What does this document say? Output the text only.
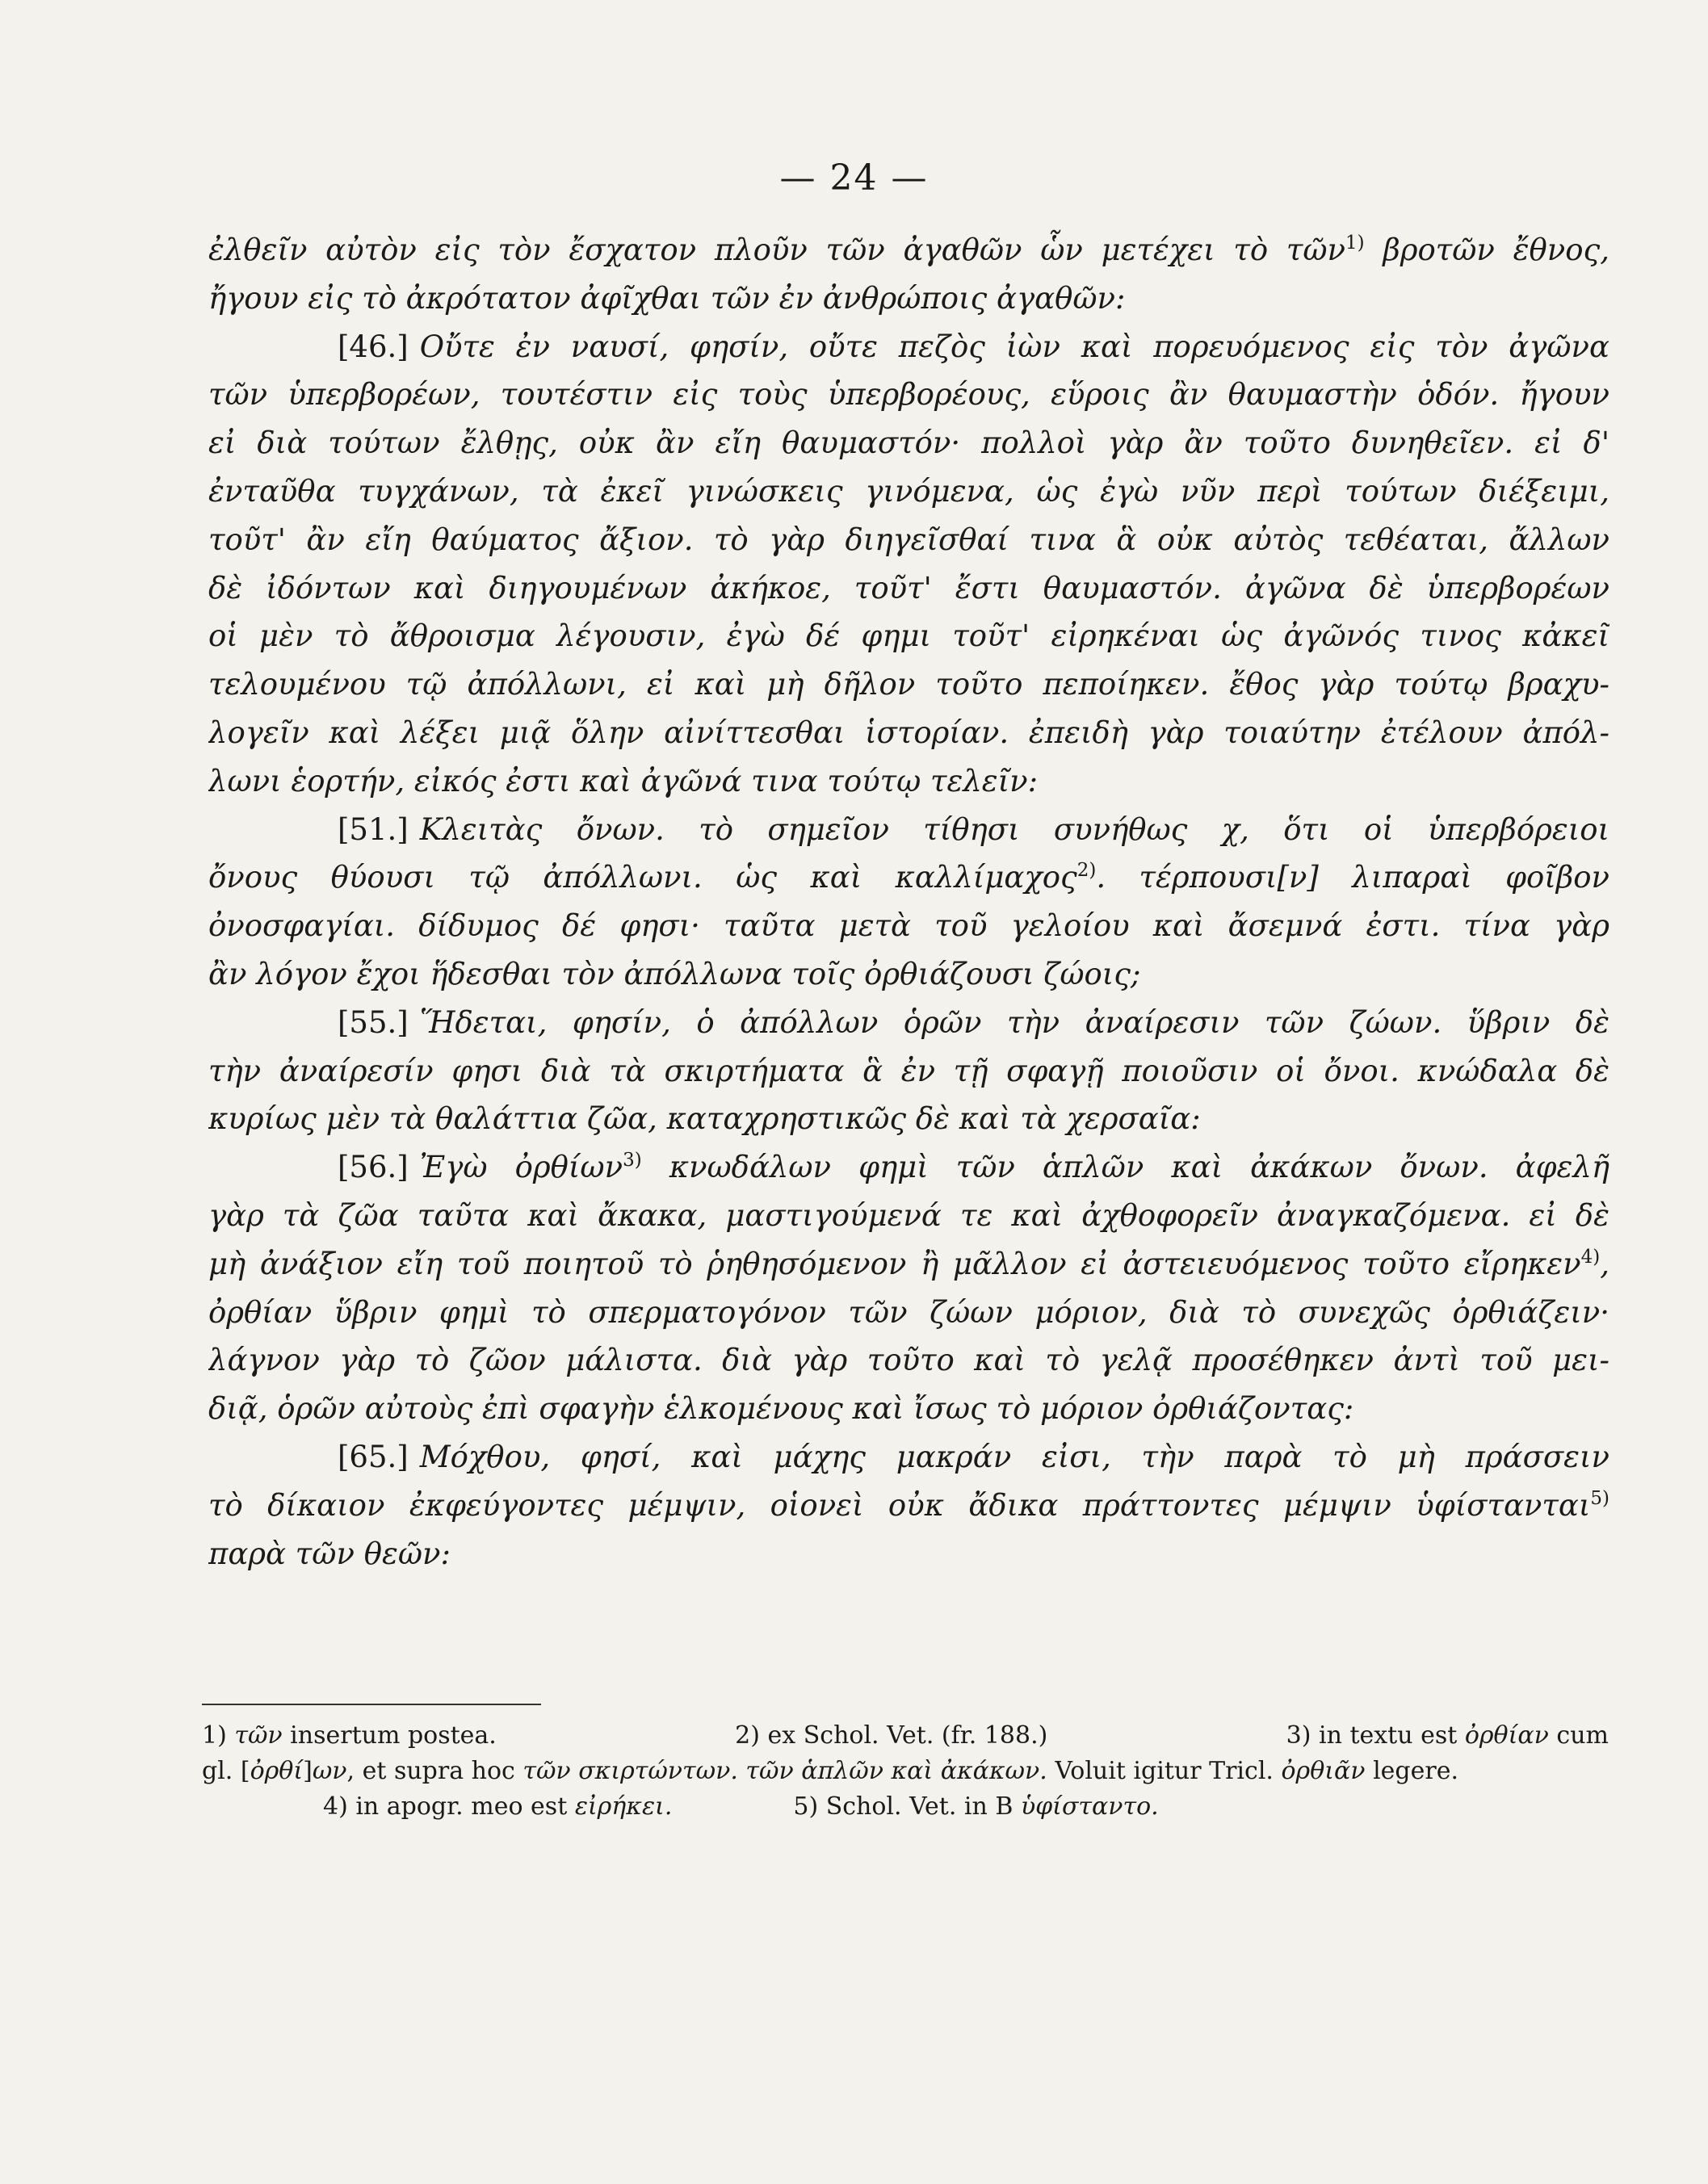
— 24 —
ἐλθεῖν αὐτὸν εἰς τὸν ἔσχατον πλοῦν τῶν ἀγαθῶν ὧν μετέχει τὸ τῶν$^{1)}$ βροτῶν ἔθνος,
ἤγουν εἰς τὸ ἀκρότατον ἀφῖχθαι τῶν ἐν ἀνθρώποις ἀγαθῶν:
[46.] Οὔτε ἐν ναυσί, φησίν, οὔτε πεζὸς ἰὼν καὶ πορευόμενος εἰς τὸν ἀγῶνα
τῶν ὑπερβορέων, τουτέστιν εἰς τοὺς ὑπερβορέους, εὕροις ἂν θαυμαστὴν ὁδόν. ἤγουν
εἰ διὰ τούτων ἔλθῃς, οὐκ ἂν εἴη θαυμαστόν· πολλοὶ γὰρ ἂν τοῦτο δυνηθεῖεν. εἰ δ'
ἐνταῦθα τυγχάνων, τὰ ἐκεῖ γινώσκεις γινόμενα, ὡς ἐγὼ νῦν περὶ τούτων διέξειμι,
τοῦτ' ἂν εἴη θαύματος ἄξιον. τὸ γὰρ διηγεῖσθαί τινα ἃ οὐκ αὐτὸς τεθέαται, ἄλλων
δὲ ἰδόντων καὶ διηγουμένων ἀκήκοε, τοῦτ' ἔστι θαυμαστόν. ἀγῶνα δὲ ὑπερβορέων
οἱ μὲν τὸ ἄθροισμα λέγουσιν, ἐγὼ δέ φημι τοῦτ' εἰρηκέναι ὡς ἀγῶνός τινος κἀκεῖ
τελουμένου τῷ ἀπόλλωνι, εἰ καὶ μὴ δῆλον τοῦτο πεποίηκεν. ἔθος γὰρ τούτῳ βραχυ-
λογεῖν καὶ λέξει μιᾷ ὅλην αἰνίττεσθαι ἱστορίαν. ἐπειδὴ γὰρ τοιαύτην ἐτέλουν ἀπόλ-
λωνι ἑορτήν, εἰκός ἐστι καὶ ἀγῶνά τινα τούτῳ τελεῖν:
[51.] Κλειτὰς ὄνων. τὸ σημεῖον τίθησι συνήθως χ, ὅτι οἱ ὑπερβόρειοι
ὄνους θύουσι τῷ ἀπόλλωνι. ὡς καὶ καλλίμαχος$^{2)}$. τέρπουσι[ν] λιπαραὶ φοῖβον
ὀνοσφαγίαι. δίδυμος δέ φησι· ταῦτα μετὰ τοῦ γελοίου καὶ ἄσεμνά ἐστι. τίνα γὰρ
ἂν λόγον ἔχοι ἥδεσθαι τὸν ἀπόλλωνα τοῖς ὀρθιάζουσι ζώοις;
[55.] Ἥδεται, φησίν, ὁ ἀπόλλων ὁρῶν τὴν ἀναίρεσιν τῶν ζώων. ὕβριν δὲ
τὴν ἀναίρεσίν φησι διὰ τὰ σκιρτήματα ἃ ἐν τῇ σφαγῇ ποιοῦσιν οἱ ὄνοι. κνώδαλα δὲ
κυρίως μὲν τὰ θαλάττια ζῶα, καταχρηστικῶς δὲ καὶ τὰ χερσαῖα:
[56.] Ἐγὼ ὀρθίων$^{3)}$ κνωδάλων φημὶ τῶν ἁπλῶν καὶ ἀκάκων ὄνων. ἀφελῆ
γὰρ τὰ ζῶα ταῦτα καὶ ἄκακα, μαστιγούμενά τε καὶ ἀχθοφορεῖν ἀναγκαζόμενα. εἰ δὲ
μὴ ἀνάξιον εἴη τοῦ ποιητοῦ τὸ ῥηθησόμενον ἢ μᾶλλον εἰ ἀστειευόμενος τοῦτο εἴρηκεν$^{4)}$,
ὀρθίαν ὕβριν φημὶ τὸ σπερματογόνον τῶν ζώων μόριον, διὰ τὸ συνεχῶς ὀρθιάζειν·
λάγνον γὰρ τὸ ζῶον μάλιστα. διὰ γὰρ τοῦτο καὶ τὸ γελᾷ προσέθηκεν ἀντὶ τοῦ μει-
διᾷ, ὁρῶν αὐτοὺς ἐπὶ σφαγὴν ἑλκομένους καὶ ἴσως τὸ μόριον ὀρθιάζοντας:
[65.] Μόχθου, φησί, καὶ μάχης μακράν εἰσι, τὴν παρὰ τὸ μὴ πράσσειν
τὸ δίκαιον ἐκφεύγοντες μέμψιν, οἱονεὶ οὐκ ἄδικα πράττοντες μέμψιν ὑφίστανται$^{5)}$
παρὰ τῶν θεῶν:
1) τῶν insertum postea.	2) ex Schol. Vet. (fr. 188.)	3) in textu est ὀρθίαν cum
gl. [ὀρθί]ων, et supra hoc τῶν σκιρτώντων. τῶν ἁπλῶν καὶ ἀκάκων. Voluit igitur Tricl. ὀρθιᾶν legere.
4) in apogr. meo est εἰρήκει.	5) Schol. Vet. in B ὑφίσταντο.
